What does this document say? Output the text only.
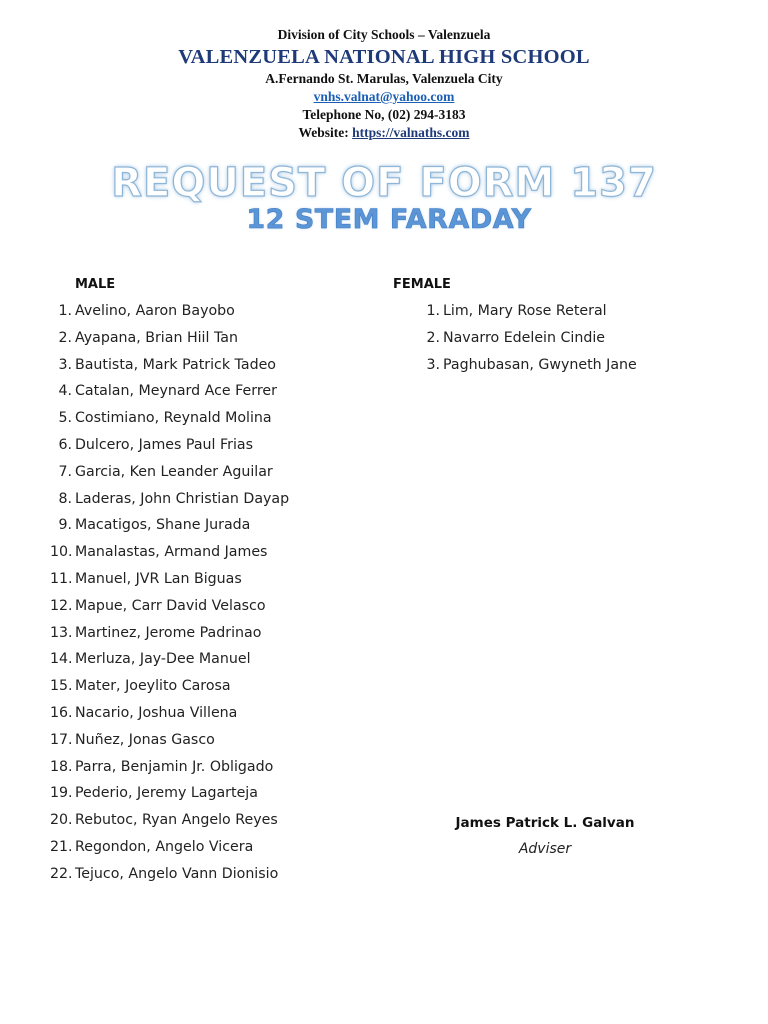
Division of City Schools – Valenzuela
VALENZUELA NATIONAL HIGH SCHOOL
A.Fernando St. Marulas, Valenzuela City
vnhs.valnat@yahoo.com
Telephone No, (02) 294-3183
Website: https://valnaths.com
REQUEST OF FORM 137
12 STEM FARADAY
MALE
1. Avelino, Aaron Bayobo
2. Ayapana, Brian Hiil Tan
3. Bautista, Mark Patrick Tadeo
4. Catalan, Meynard Ace Ferrer
5. Costimiano, Reynald Molina
6. Dulcero, James Paul Frias
7. Garcia, Ken Leander Aguilar
8. Laderas, John Christian Dayap
9. Macatigos, Shane Jurada
10. Manalastas, Armand James
11. Manuel, JVR Lan Biguas
12. Mapue, Carr David Velasco
13. Martinez, Jerome Padrinao
14. Merluza, Jay-Dee Manuel
15. Mater, Joeylito Carosa
16. Nacario, Joshua Villena
17. Nuñez, Jonas Gasco
18. Parra, Benjamin Jr. Obligado
19. Pederio, Jeremy Lagarteja
20. Rebutoc, Ryan Angelo Reyes
21. Regondon, Angelo Vicera
22. Tejuco, Angelo Vann Dionisio
FEMALE
1. Lim, Mary Rose Reteral
2. Navarro Edelein Cindie
3. Paghubasan, Gwyneth Jane
James Patrick L. Galvan
Adviser
